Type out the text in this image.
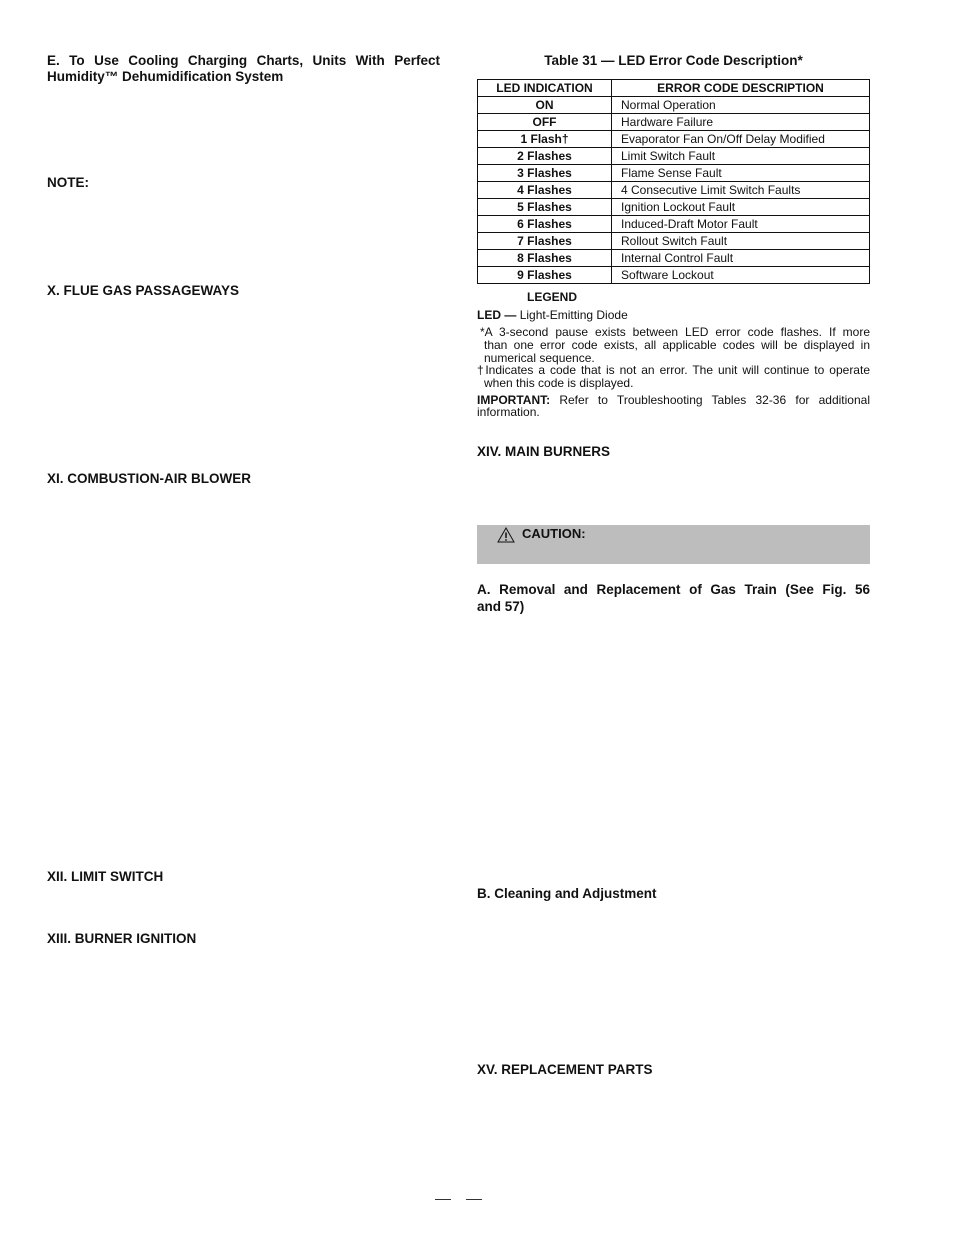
E. To Use Cooling Charging Charts, Units With Perfect
Humidity™ Dehumidification System
NOTE:
X. FLUE GAS PASSAGEWAYS
XI. COMBUSTION-AIR BLOWER
XII. LIMIT SWITCH
XIII. BURNER IGNITION
Table 31 — LED Error Code Description*
LED INDICATION	ERROR CODE DESCRIPTION
ON	Normal Operation
OFF	Hardware Failure
1 Flash†	Evaporator Fan On/Off Delay Modified
2 Flashes	Limit Switch Fault
3 Flashes	Flame Sense Fault
4 Flashes	4 Consecutive Limit Switch Faults
5 Flashes	Ignition Lockout Fault
6 Flashes	Induced-Draft Motor Fault
7 Flashes	Rollout Switch Fault
8 Flashes	Internal Control Fault
9 Flashes	Software Lockout
LEGEND
LED — Light-Emitting Diode
*A 3-second pause exists between LED error code flashes. If more
than one error code exists, all applicable codes will be displayed in
numerical sequence.
†Indicates a code that is not an error. The unit will continue to operate
when this code is displayed.
IMPORTANT: Refer to Troubleshooting Tables 32-36 for additional
information.
XIV. MAIN BURNERS
CAUTION:
A. Removal and Replacement of Gas Train (See Fig. 56
and 57)
B. Cleaning and Adjustment
XV. REPLACEMENT PARTS
